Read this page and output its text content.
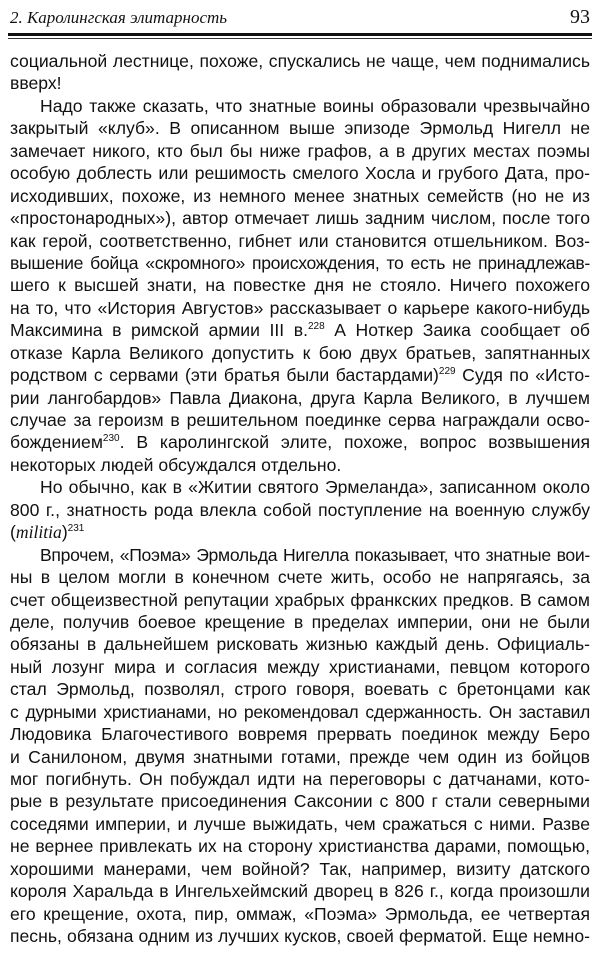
2. Каролингская элитарность	93
социальной лестнице, похоже, спускались не чаще, чем поднимались
вверх!
Надо также сказать, что знатные воины образовали чрезвычайно
закрытый «клуб». В описанном выше эпизоде Эрмольд Нигелл не
замечает никого, кто был бы ниже графов, а в других местах поэмы
особую доблесть или решимость смелого Хосла и грубого Дата, про-
исходивших, похоже, из немного менее знатных семейств (но не из
«простонародных»), автор отмечает лишь задним числом, после того
как герой, соответственно, гибнет или становится отшельником. Воз-
вышение бойца «скромного» происхождения, то есть не принадлежав-
шего к высшей знати, на повестке дня не стояло. Ничего похожего
на то, что «История Августов» рассказывает о карьере какого-нибудь
Максимина в римской армии III в.$^{228}$ А Ноткер Заика сообщает об
отказе Карла Великого допустить к бою двух братьев, запятнанных
родством с сервами (эти братья были бастардами)$^{229}$ Судя по «Исто-
рии лангобардов» Павла Диакона, друга Карла Великого, в лучшем
случае за героизм в решительном поединке серва награждали осво-
бождением$^{230}$. В каролингской элите, похоже, вопрос возвышения
некоторых людей обсуждался отдельно.
Но обычно, как в «Житии святого Эрмеланда», записанном около
800 г., знатность рода влекла собой поступление на военную службу
(militia)$^{231}$
Впрочем, «Поэма» Эрмольда Нигелла показывает, что знатные вои-
ны в целом могли в конечном счете жить, особо не напрягаясь, за
счет общеизвестной репутации храбрых франкских предков. В самом
деле, получив боевое крещение в пределах империи, они не были
обязаны в дальнейшем рисковать жизнью каждый день. Официаль-
ный лозунг мира и согласия между христианами, певцом которого
стал Эрмольд, позволял, строго говоря, воевать с бретонцами как
с дурными христианами, но рекомендовал сдержанность. Он заставил
Людовика Благочестивого вовремя прервать поединок между Беро
и Санилоном, двумя знатными готами, прежде чем один из бойцов
мог погибнуть. Он побуждал идти на переговоры с датчанами, кото-
рые в результате присоединения Саксонии с 800 г стали северными
соседями империи, и лучше выжидать, чем сражаться с ними. Разве
не вернее привлекать их на сторону христианства дарами, помощью,
хорошими манерами, чем войной? Так, например, визиту датского
короля Харальда в Ингельхеймский дворец в 826 г., когда произошли
его крещение, охота, пир, оммаж, «Поэма» Эрмольда, ее четвертая
песнь, обязана одним из лучших кусков, своей ферматой. Еще немно-
